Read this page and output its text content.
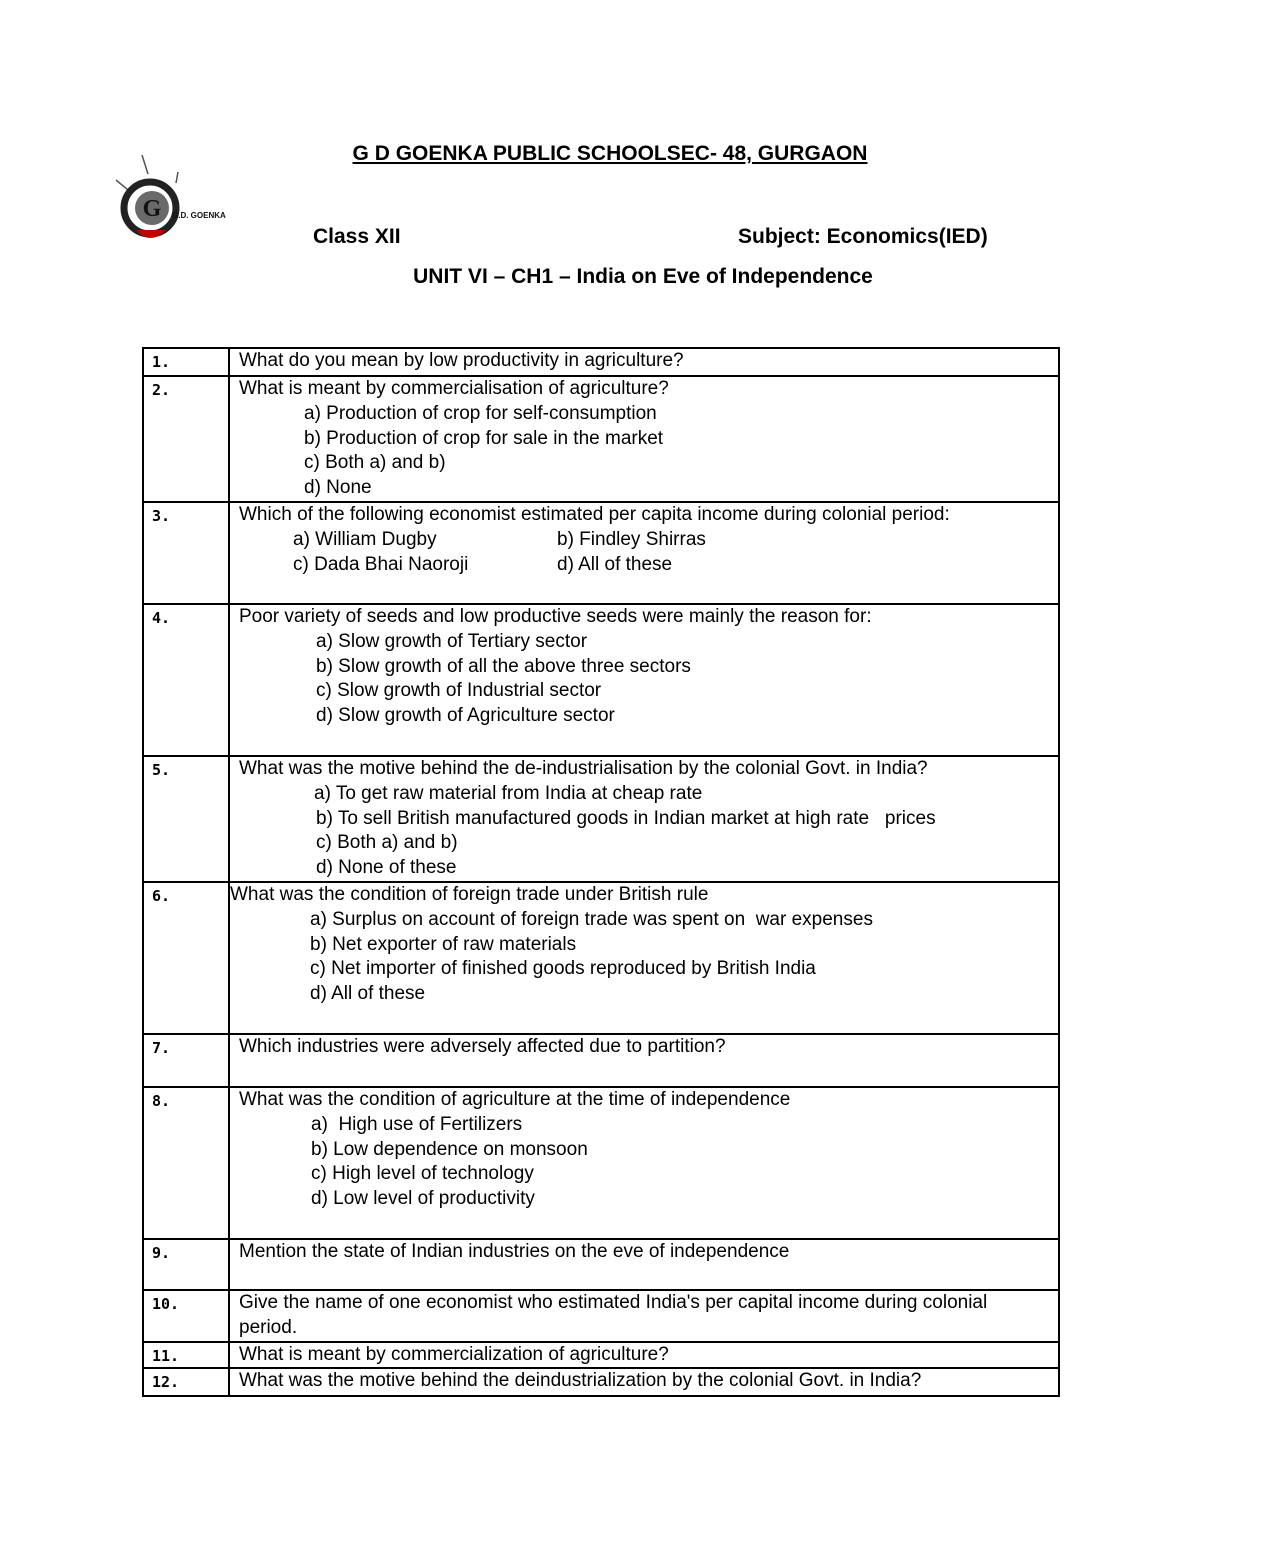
G G.D. GOENKA
G D GOENKA PUBLIC SCHOOLSEC- 48, GURGAON
Class XII	Subject: Economics(IED)
UNIT VI – CH1 – India on Eve of Independence
1.	What do you mean by low productivity in agriculture?
2.	What is meant by commercialisation of agriculture?
a) Production of crop for self-consumption
b) Production of crop for sale in the market
c) Both a) and b)
d) None

3.	Which of the following economist estimated per capita income during colonial period:
a) William Dugby b) Findley Shirras
c) Dada Bhai Naoroji d) All of these

4.	Poor variety of seeds and low productive seeds were mainly the reason for:
a) Slow growth of Tertiary sector
b) Slow growth of all the above three sectors
c) Slow growth of Industrial sector
d) Slow growth of Agriculture sector

5.	What was the motive behind the de-industrialisation by the colonial Govt. in India?
a) To get raw material from India at cheap rate
b) To sell British manufactured goods in Indian market at high rate   prices
c) Both a) and b)
d) None of these

6.	What was the condition of foreign trade under British rule
a) Surplus on account of foreign trade was spent on  war expenses
b) Net exporter of raw materials
c) Net importer of finished goods reproduced by British India
d) All of these

7.	Which industries were adversely affected due to partition?
8.	What was the condition of agriculture at the time of independence
a)  High use of Fertilizers
b) Low dependence on monsoon
c) High level of technology
d) Low level of productivity

9.	Mention the state of Indian industries on the eve of independence
10.	Give the name of one economist who estimated India's per capital income during colonial period.
11.	What is meant by commercialization of agriculture?
12.	What was the motive behind the deindustrialization by the colonial Govt. in India?
